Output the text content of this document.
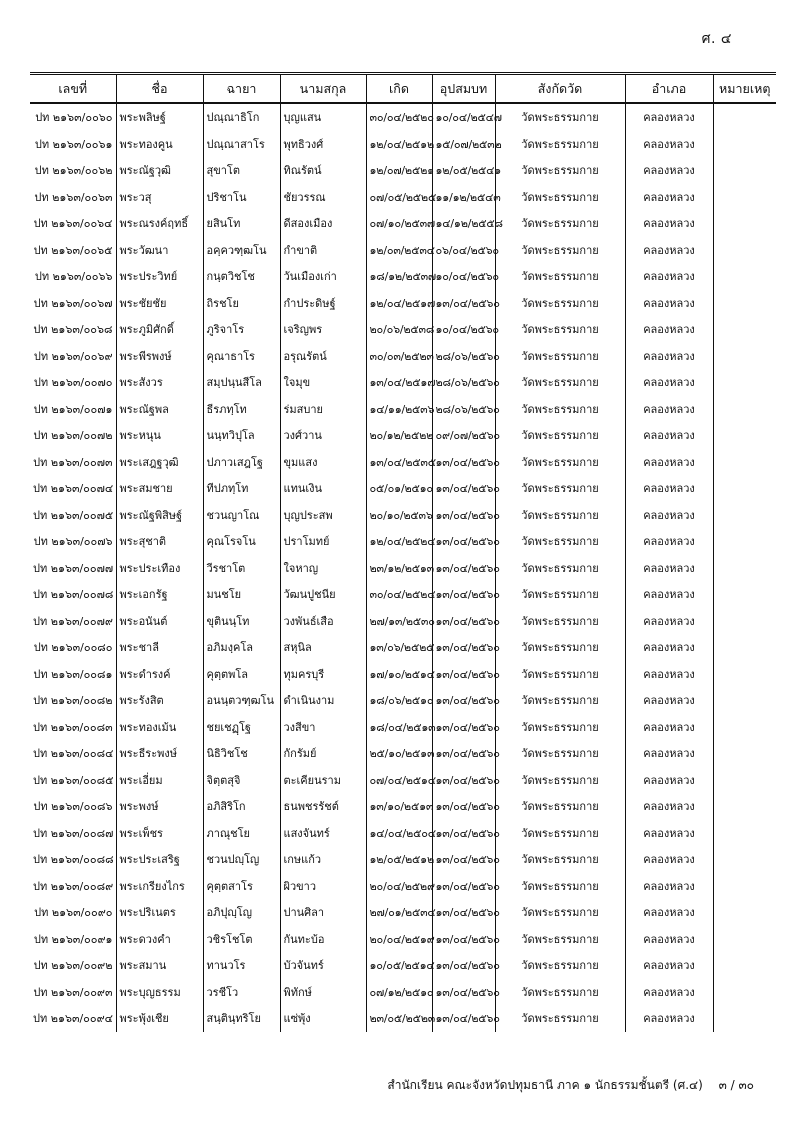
ศ. ๔
เลขที่	ชื่อ	ฉายา	นามสกุล	เกิด	อุปสมบท	สังกัดวัด	อำเภอ	หมายเหตุ
ปท ๒๑๖๓/๐๐๖๐	พระพลิษฐ์	ปณฺณาธิโก	บุญแสน	๓๐/๐๔/๒๕๒๐	๑๐/๐๔/๒๕๔๗	วัดพระธรรมกาย	คลองหลวง	
ปท ๒๑๖๓/๐๐๖๑	พระทองคูน	ปณฺณาสาโร	พุทธิวงศ์	๑๒/๐๔/๒๕๑๒	๑๕/๐๗/๒๕๓๒	วัดพระธรรมกาย	คลองหลวง	
ปท ๒๑๖๓/๐๐๖๒	พระณัฐวุฒิ	สุขาโต	ทิณรัตน์	๑๒/๐๗/๒๕๒๑	๑๒/๐๕/๒๕๔๑	วัดพระธรรมกาย	คลองหลวง	
ปท ๒๑๖๓/๐๐๖๓	พระวสุ	ปริชาโน	ชัยวรรณ	๐๗/๐๕/๒๕๒๕	๑๑/๑๒/๒๕๔๓	วัดพระธรรมกาย	คลองหลวง	
ปท ๒๑๖๓/๐๐๖๔	พระณรงค์ฤทธิ์	ยสินโท	ดีสองเมือง	๐๗/๑๐/๒๕๓๗	๑๔/๑๒/๒๕๕๘	วัดพระธรรมกาย	คลองหลวง	
ปท ๒๑๖๓/๐๐๖๕	พระวัฒนา	อคฺควฑฺฒโน	กำขาติ	๑๒/๐๓/๒๕๓๔	๐๖/๐๔/๒๕๖๐	วัดพระธรรมกาย	คลองหลวง	
ปท ๒๑๖๓/๐๐๖๖	พระประวิทย์	กนฺตวิชโช	วันเมืองเก่า	๑๘/๑๒/๒๕๓๗	๑๐/๐๔/๒๕๖๐	วัดพระธรรมกาย	คลองหลวง	
ปท ๒๑๖๓/๐๐๖๗	พระชัยชัย	ถิรชโย	กำประดิษฐ์	๑๒/๐๔/๒๕๑๗	๑๓/๐๔/๒๕๖๐	วัดพระธรรมกาย	คลองหลวง	
ปท ๒๑๖๓/๐๐๖๘	พระภูมิศักดิ์	ภูริจาโร	เจริญพร	๒๐/๐๖/๒๕๓๘	๑๐/๐๔/๒๕๖๐	วัดพระธรรมกาย	คลองหลวง	
ปท ๒๑๖๓/๐๐๖๙	พระพีรพงษ์	คุณาธาโร	อรุณรัตน์	๓๐/๐๓/๒๕๒๓	๒๘/๐๖/๒๕๖๐	วัดพระธรรมกาย	คลองหลวง	
ปท ๒๑๖๓/๐๐๗๐	พระสังวร	สมฺปนฺนสีโล	ใจมุข	๑๓/๐๔/๒๕๑๗	๒๘/๐๖/๒๕๖๐	วัดพระธรรมกาย	คลองหลวง	
ปท ๒๑๖๓/๐๐๗๑	พระณัฐพล	ธีรภทฺโท	ร่มสบาย	๑๔/๑๑/๒๕๓๖	๒๘/๐๖/๒๕๖๐	วัดพระธรรมกาย	คลองหลวง	
ปท ๒๑๖๓/๐๐๗๒	พระหนุน	นนฺทวิปุโล	วงศ์วาน	๒๐/๑๒/๒๕๒๒	๐๙/๐๗/๒๕๖๐	วัดพระธรรมกาย	คลองหลวง	
ปท ๒๑๖๓/๐๐๗๓	พระเสฎฐวุฒิ	ปภาวเสฎโฐ	ขุมแสง	๑๓/๐๔/๒๕๓๕	๑๓/๐๔/๒๕๖๐	วัดพระธรรมกาย	คลองหลวง	
ปท ๒๑๖๓/๐๐๗๔	พระสมชาย	ทีปภทฺโท	แทนเงิน	๐๕/๐๑/๒๕๑๐	๑๓/๐๔/๒๕๖๐	วัดพระธรรมกาย	คลองหลวง	
ปท ๒๑๖๓/๐๐๗๕	พระณัฐพิสิษฐ์	ชวนญาโณ	บุญประสพ	๒๐/๑๐/๒๕๓๖	๑๓/๐๔/๒๕๖๐	วัดพระธรรมกาย	คลองหลวง	
ปท ๒๑๖๓/๐๐๗๖	พระสุชาติ	คุณโรจโน	ปราโมทย์	๑๒/๐๔/๒๕๒๔	๑๓/๐๔/๒๕๖๐	วัดพระธรรมกาย	คลองหลวง	
ปท ๒๑๖๓/๐๐๗๗	พระประเทือง	วีรชาโต	ใจหาญ	๒๓/๑๒/๒๕๑๓	๑๓/๐๔/๒๕๖๐	วัดพระธรรมกาย	คลองหลวง	
ปท ๒๑๖๓/๐๐๗๘	พระเอกรัฐ	มนชโย	วัฒนปูชนีย	๓๐/๐๔/๒๕๒๔	๑๓/๐๔/๒๕๖๐	วัดพระธรรมกาย	คลองหลวง	
ปท ๒๑๖๓/๐๐๗๙	พระอนันต์	ขุตินนฺโท	วงพันธ์เสือ	๒๗/๑๓/๒๕๓๐	๑๓/๐๔/๒๕๖๐	วัดพระธรรมกาย	คลองหลวง	
ปท ๒๑๖๓/๐๐๘๐	พระชาลี	อภิมงฺคโล	สหุนิล	๑๓/๐๖/๒๕๒๕	๑๓/๐๔/๒๕๖๐	วัดพระธรรมกาย	คลองหลวง	
ปท ๒๑๖๓/๐๐๘๑	พระดำรงค์	คุตฺตพโล	ทุมครบุรี	๑๗/๑๐/๒๕๑๔	๑๓/๐๔/๒๕๖๐	วัดพระธรรมกาย	คลองหลวง	
ปท ๒๑๖๓/๐๐๘๒	พระรังสิต	อนนฺตวฑฺฒโน	ดำเนินงาม	๑๘/๐๖/๒๕๑๐	๑๓/๐๔/๒๕๖๐	วัดพระธรรมกาย	คลองหลวง	
ปท ๒๑๖๓/๐๐๘๓	พระทองเม้น	ชยเชฏฺโฐ	วงสีขา	๑๘/๐๔/๒๕๑๓	๑๓/๐๔/๒๕๖๐	วัดพระธรรมกาย	คลองหลวง	
ปท ๒๑๖๓/๐๐๘๔	พระธีระพงษ์	นิธิวิชโช	กักรัมย์	๒๕/๑๐/๒๕๑๓	๑๓/๐๔/๒๕๖๐	วัดพระธรรมกาย	คลองหลวง	
ปท ๒๑๖๓/๐๐๘๕	พระเอี่ยม	จิตฺตสุจิ	ตะเคียนราม	๐๗/๐๔/๒๕๑๔	๑๓/๐๔/๒๕๖๐	วัดพระธรรมกาย	คลองหลวง	
ปท ๒๑๖๓/๐๐๘๖	พระพงษ์	อภิสิริโก	ธนพชรรัชต์	๑๓/๑๐/๒๕๑๓	๑๓/๐๔/๒๕๖๐	วัดพระธรรมกาย	คลองหลวง	
ปท ๒๑๖๓/๐๐๘๗	พระเพ็ชร	ภาณุชโย	แสงจันทร์	๑๔/๐๔/๒๕๐๔	๑๓/๐๔/๒๕๖๐	วัดพระธรรมกาย	คลองหลวง	
ปท ๒๑๖๓/๐๐๘๘	พระประเสริฐ	ชวนปญฺโญ	เกษแก้ว	๑๒/๐๕/๒๕๑๒	๑๓/๐๔/๒๕๖๐	วัดพระธรรมกาย	คลองหลวง	
ปท ๒๑๖๓/๐๐๘๙	พระเกรียงไกร	คุตฺตสาโร	ผิวขาว	๒๐/๐๔/๒๕๒๙	๑๓/๐๔/๒๕๖๐	วัดพระธรรมกาย	คลองหลวง	
ปท ๒๑๖๓/๐๐๙๐	พระปริเนตร	อภิปุญฺโญ	ปานศิลา	๒๗/๐๑/๒๕๓๔	๑๓/๐๔/๒๕๖๐	วัดพระธรรมกาย	คลองหลวง	
ปท ๒๑๖๓/๐๐๙๑	พระดวงคำ	วชิรโชโต	กันทะบ้อ	๒๐/๐๔/๒๕๑๙	๑๓/๐๔/๒๕๖๐	วัดพระธรรมกาย	คลองหลวง	
ปท ๒๑๖๓/๐๐๙๒	พระสมาน	ทานวโร	บัวจันทร์	๑๐/๐๕/๒๕๑๔	๑๓/๐๔/๒๕๖๐	วัดพระธรรมกาย	คลองหลวง	
ปท ๒๑๖๓/๐๐๙๓	พระบุญธรรม	วรชีโว	พิทักษ์	๐๗/๑๒/๒๕๑๐	๑๓/๐๔/๒๕๖๐	วัดพระธรรมกาย	คลองหลวง	
ปท ๒๑๖๓/๐๐๙๔	พระพุ้งเชีย	สนฺตินฺทริโย	แซ่พุ้ง	๒๓/๐๕/๒๕๒๓	๑๓/๐๔/๒๕๖๐	วัดพระธรรมกาย	คลองหลวง	
สำนักเรียน คณะจังหวัดปทุมธานี ภาค ๑ นักธรรมชั้นตรี (ศ.๔) ๓ / ๓๐
